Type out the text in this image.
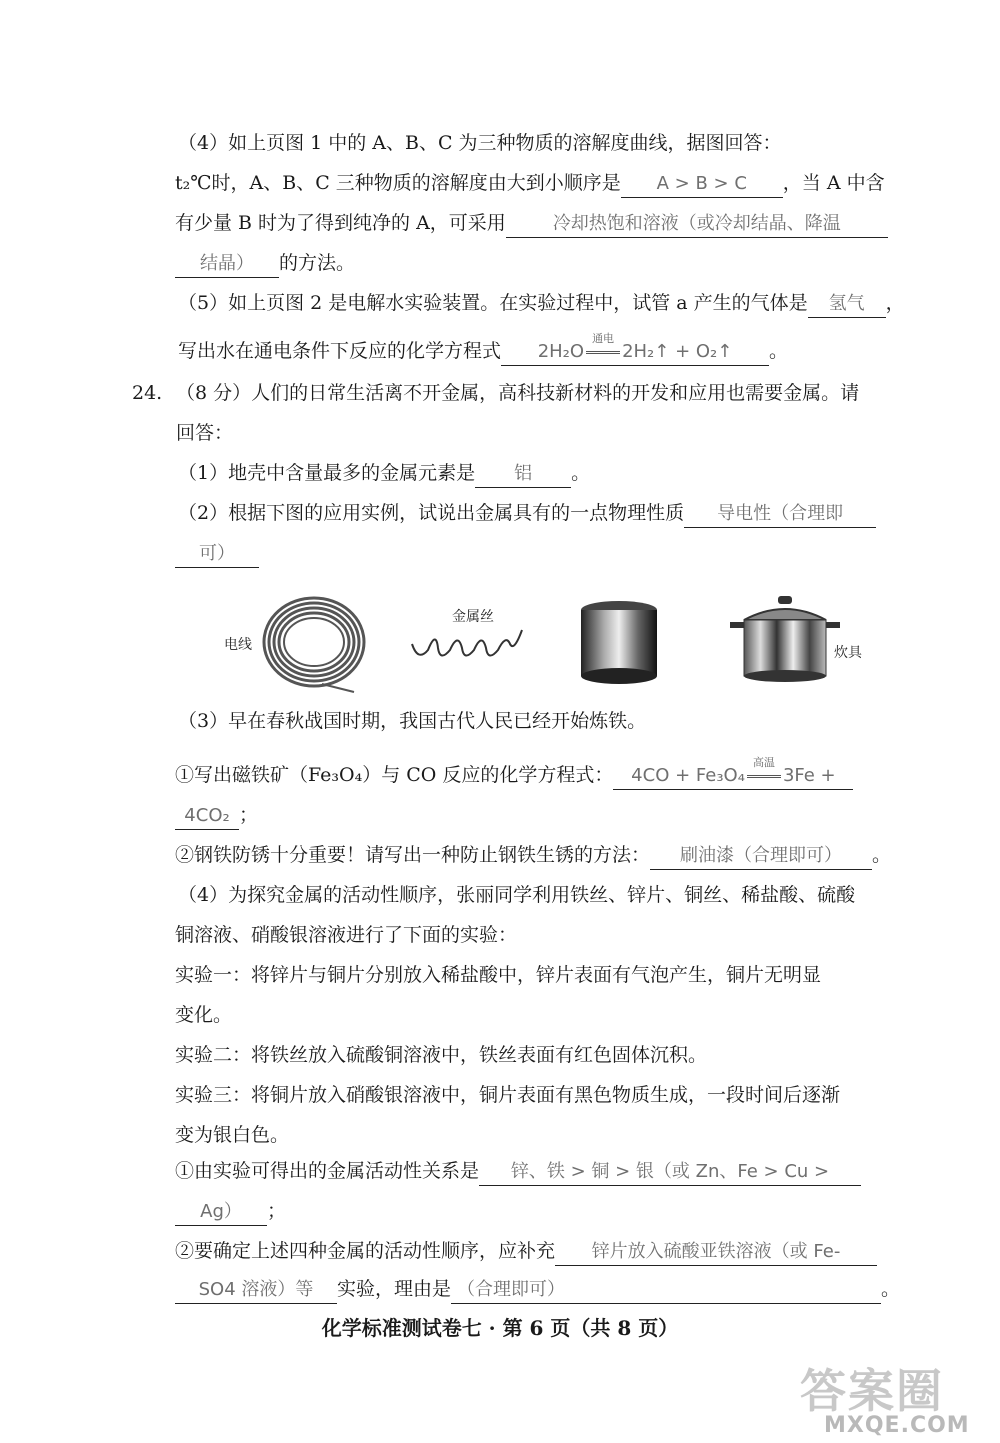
（4）如上页图 1 中的 A、B、C 为三种物质的溶解度曲线，据图回答：
t₂℃时，A、B、C 三种物质的溶解度由大到小顺序是 A > B > C ，当 A 中含
有少量 B 时为了得到纯净的 A，可采用	冷却热饱和溶液（或冷却结晶、降温
结晶） 的方法。
（5）如上页图 2 是电解水实验装置。在实验过程中，试管 a 产生的气体是 氢气 ，
写出水在通电条件下反应的化学方程式 2H₂O
通电
2H₂↑ + O₂↑ 。
24. （8 分）人们的日常生活离不开金属，高科技新材料的开发和应用也需要金属。请
回答：
（1）地壳中含量最多的金属元素是 铝 。
（2）根据下图的应用实例，试说出金属具有的一点物理性质 导电性（合理即
可）
电线
金属丝
炊具
（3）早在春秋战国时期，我国古代人民已经开始炼铁。
①写出磁铁矿（Fe₃O₄）与 CO 反应的化学方程式： 4CO + Fe₃O₄
高温
3Fe +
4CO₂ ；
②钢铁防锈十分重要！请写出一种防止钢铁生锈的方法： 刷油漆（合理即可） 。
（4）为探究金属的活动性顺序，张丽同学利用铁丝、锌片、铜丝、稀盐酸、硫酸
铜溶液、硝酸银溶液进行了下面的实验：
实验一：将锌片与铜片分别放入稀盐酸中，锌片表面有气泡产生，铜片无明显
变化。
实验二：将铁丝放入硫酸铜溶液中，铁丝表面有红色固体沉积。
实验三：将铜片放入硝酸银溶液中，铜片表面有黑色物质生成，一段时间后逐渐
变为银白色。
①由实验可得出的金属活动性关系是 锌、铁 > 铜 > 银（或 Zn、Fe > Cu >
Ag） ；
②要确定上述四种金属的活动性顺序，应补充 锌片放入硫酸亚铁溶液（或 Fe-
SO4 溶液）等 实验，理由是 （合理即可）	。
化学标准测试卷七 · 第 6 页（共 8 页）
答案圈
MXQE.COM
